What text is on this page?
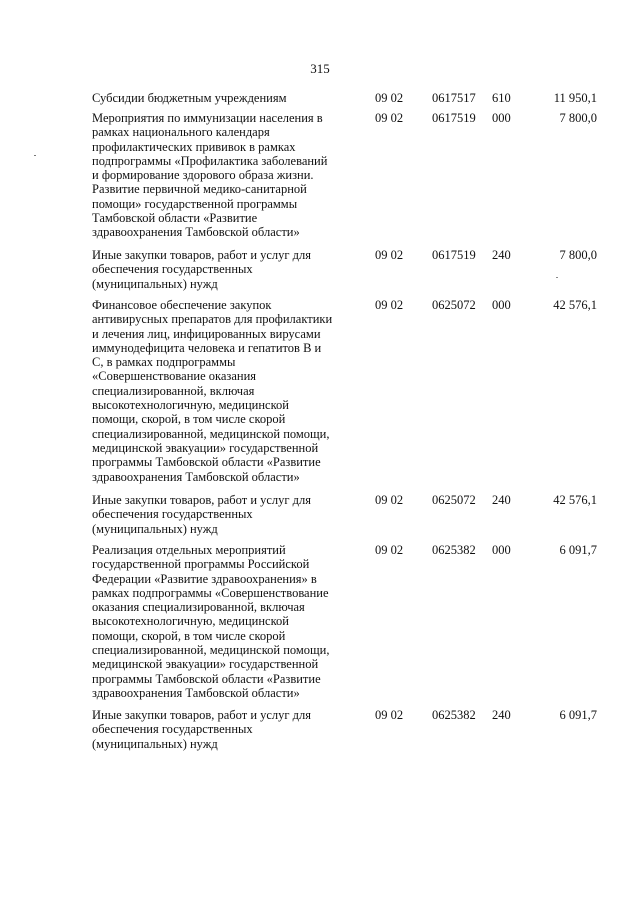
315
Субсидии бюджетным учреждениям	09 02 0617517 610	11 950,1
Мероприятия по иммунизации населения в
рамках национального календаря
профилактических прививок в рамках
подпрограммы «Профилактика заболеваний
и формирование здорового образа жизни.
Развитие первичной медико-санитарной
помощи» государственной программы
Тамбовской области «Развитие
здравоохранения Тамбовской области»
09 02 0617519 000	7 800,0
Иные закупки товаров, работ и услуг для
обеспечения государственных
(муниципальных) нужд
09 02 0617519 240	7 800,0
Финансовое обеспечение закупок
антивирусных препаратов для профилактики
и лечения лиц, инфицированных вирусами
иммунодефицита человека и гепатитов В и
С, в рамках подпрограммы
«Совершенствование оказания
специализированной, включая
высокотехнологичную, медицинской
помощи, скорой, в том числе скорой
специализированной, медицинской помощи,
медицинской эвакуации» государственной
программы Тамбовской области «Развитие
здравоохранения Тамбовской области»
09 02 0625072 000	42 576,1
Иные закупки товаров, работ и услуг для
обеспечения государственных
(муниципальных) нужд
09 02 0625072 240	42 576,1
Реализация отдельных мероприятий
государственной программы Российской
Федерации «Развитие здравоохранения» в
рамках подпрограммы «Совершенствование
оказания специализированной, включая
высокотехнологичную, медицинской
помощи, скорой, в том числе скорой
специализированной, медицинской помощи,
медицинской эвакуации» государственной
программы Тамбовской области «Развитие
здравоохранения Тамбовской области»
09 02 0625382 000	6 091,7
Иные закупки товаров, работ и услуг для
обеспечения государственных
(муниципальных) нужд
09 02 0625382 240	6 091,7
